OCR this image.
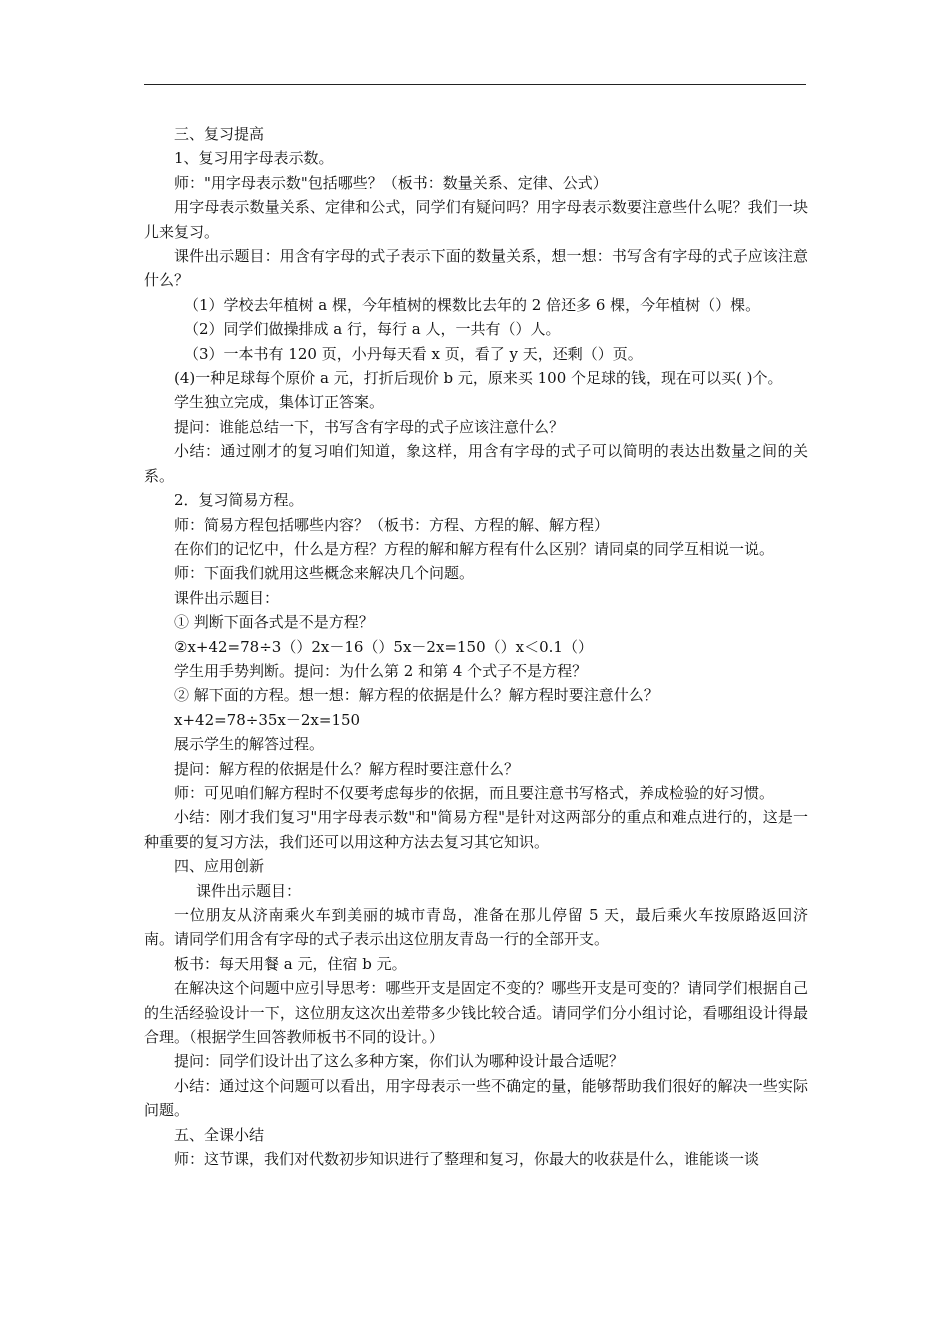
三、复习提高

1、复习用字母表示数。

师："用字母表示数"包括哪些？（板书：数量关系、定律、公式）

用字母表示数量关系、定律和公式，同学们有疑问吗？用字母表示数要注意些什么呢？我们一块儿来复习。

课件出示题目：用含有字母的式子表示下面的数量关系，想一想：书写含有字母的式子应该注意什么？

（1）学校去年植树 a 棵，今年植树的棵数比去年的 2 倍还多 6 棵，今年植树（）棵。

（2）同学们做操排成 a 行，每行 a 人，一共有（）人。

（3）一本书有 120 页，小丹每天看 x 页，看了 y 天，还剩（）页。

(4)一种足球每个原价 a 元，打折后现价 b 元，原来买 100 个足球的钱，现在可以买( )个。

学生独立完成，集体订正答案。

提问：谁能总结一下，书写含有字母的式子应该注意什么？

小结：通过刚才的复习咱们知道，象这样，用含有字母的式子可以简明的表达出数量之间的关系。

2．复习简易方程。

师：简易方程包括哪些内容？（板书：方程、方程的解、解方程）

在你们的记忆中，什么是方程？方程的解和解方程有什么区别？请同桌的同学互相说一说。

师：下面我们就用这些概念来解决几个问题。

课件出示题目：

① 判断下面各式是不是方程？

②x+42=78÷3（）2x－16（）5x－2x=150（）x＜0.1（）

学生用手势判断。提问：为什么第 2 和第 4 个式子不是方程？

② 解下面的方程。想一想：解方程的依据是什么？解方程时要注意什么？

x+42=78÷35x－2x=150

展示学生的解答过程。

提问：解方程的依据是什么？解方程时要注意什么？

师：可见咱们解方程时不仅要考虑每步的依据，而且要注意书写格式，养成检验的好习惯。

小结：刚才我们复习"用字母表示数"和"简易方程"是针对这两部分的重点和难点进行的，这是一种重要的复习方法，我们还可以用这种方法去复习其它知识。

四、应用创新

课件出示题目：

一位朋友从济南乘火车到美丽的城市青岛，准备在那儿停留 5 天，最后乘火车按原路返回济南。请同学们用含有字母的式子表示出这位朋友青岛一行的全部开支。

板书：每天用餐 a 元，住宿 b 元。

在解决这个问题中应引导思考：哪些开支是固定不变的？哪些开支是可变的？请同学们根据自己的生活经验设计一下，这位朋友这次出差带多少钱比较合适。请同学们分小组讨论，看哪组设计得最合理。（根据学生回答教师板书不同的设计。）

提问：同学们设计出了这么多种方案，你们认为哪种设计最合适呢？

小结：通过这个问题可以看出，用字母表示一些不确定的量，能够帮助我们很好的解决一些实际问题。

五、全课小结

师：这节课，我们对代数初步知识进行了整理和复习，你最大的收获是什么，谁能谈一谈
